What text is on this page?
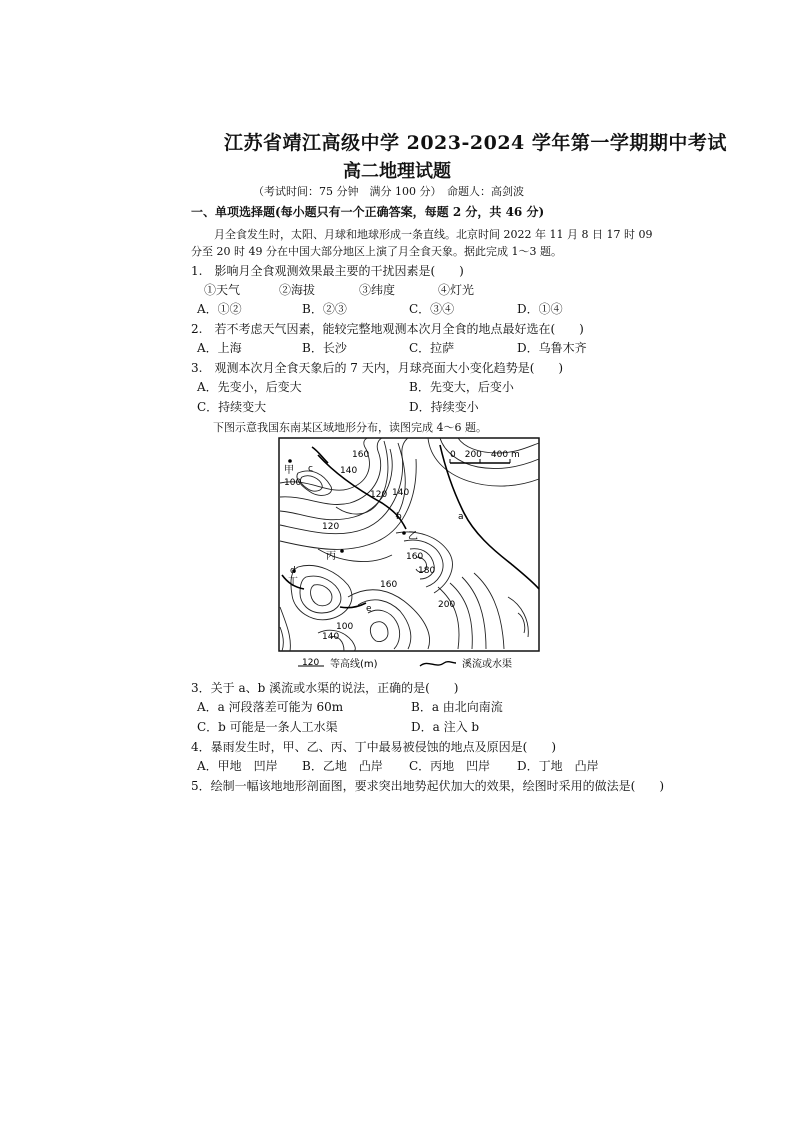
江苏省靖江高级中学 2023-2024 学年第一学期期中考试
高二地理试题
（考试时间：75 分钟　满分 100 分）　命题人：高剑波
一、单项选择题(每小题只有一个正确答案，每题 2 分，共 46 分)
月全食发生时，太阳、月球和地球形成一条直线。北京时间 2022 年 11 月 8 日 17 时 09
分至 20 时 49 分在中国大部分地区上演了月全食天象。据此完成 1～3 题。
1.　影响月全食观测效果最主要的干扰因素是(　　)
①天气	②海拔	③纬度	④灯光
A．①②	B．②③	C．③④	D．①④
2.　若不考虑天气因素，能较完整地观测本次月全食的地点最好选在(　　)
A．上海	B．长沙	C．拉萨	D．乌鲁木齐
3.　观测本次月全食天象后的 7 天内，月球亮面大小变化趋势是(　　)
A．先变小，后变大	B．先变大，后变小
C．持续变大	D．持续变小
下图示意我国东南某区域地形分布，读图完成 4～6 题。
0　200　400 m
160
140
120 140
100
120
160
180
200
160
100
140
甲
乙
丙
丁
a
b
c
d
e
120 等高线(m)	溪流或水渠
3．关于 a、b 溪流或水渠的说法，正确的是(　　)
A．a 河段落差可能为 60m	B．a 由北向南流
C．b 可能是一条人工水渠	D．a 注入 b
4．暴雨发生时，甲、乙、丙、丁中最易被侵蚀的地点及原因是(　　)
A．甲地　凹岸 B．乙地　凸岸 C．丙地　凹岸 D．丁地　凸岸
5．绘制一幅该地地形剖面图，要求突出地势起伏加大的效果，绘图时采用的做法是(　　)
